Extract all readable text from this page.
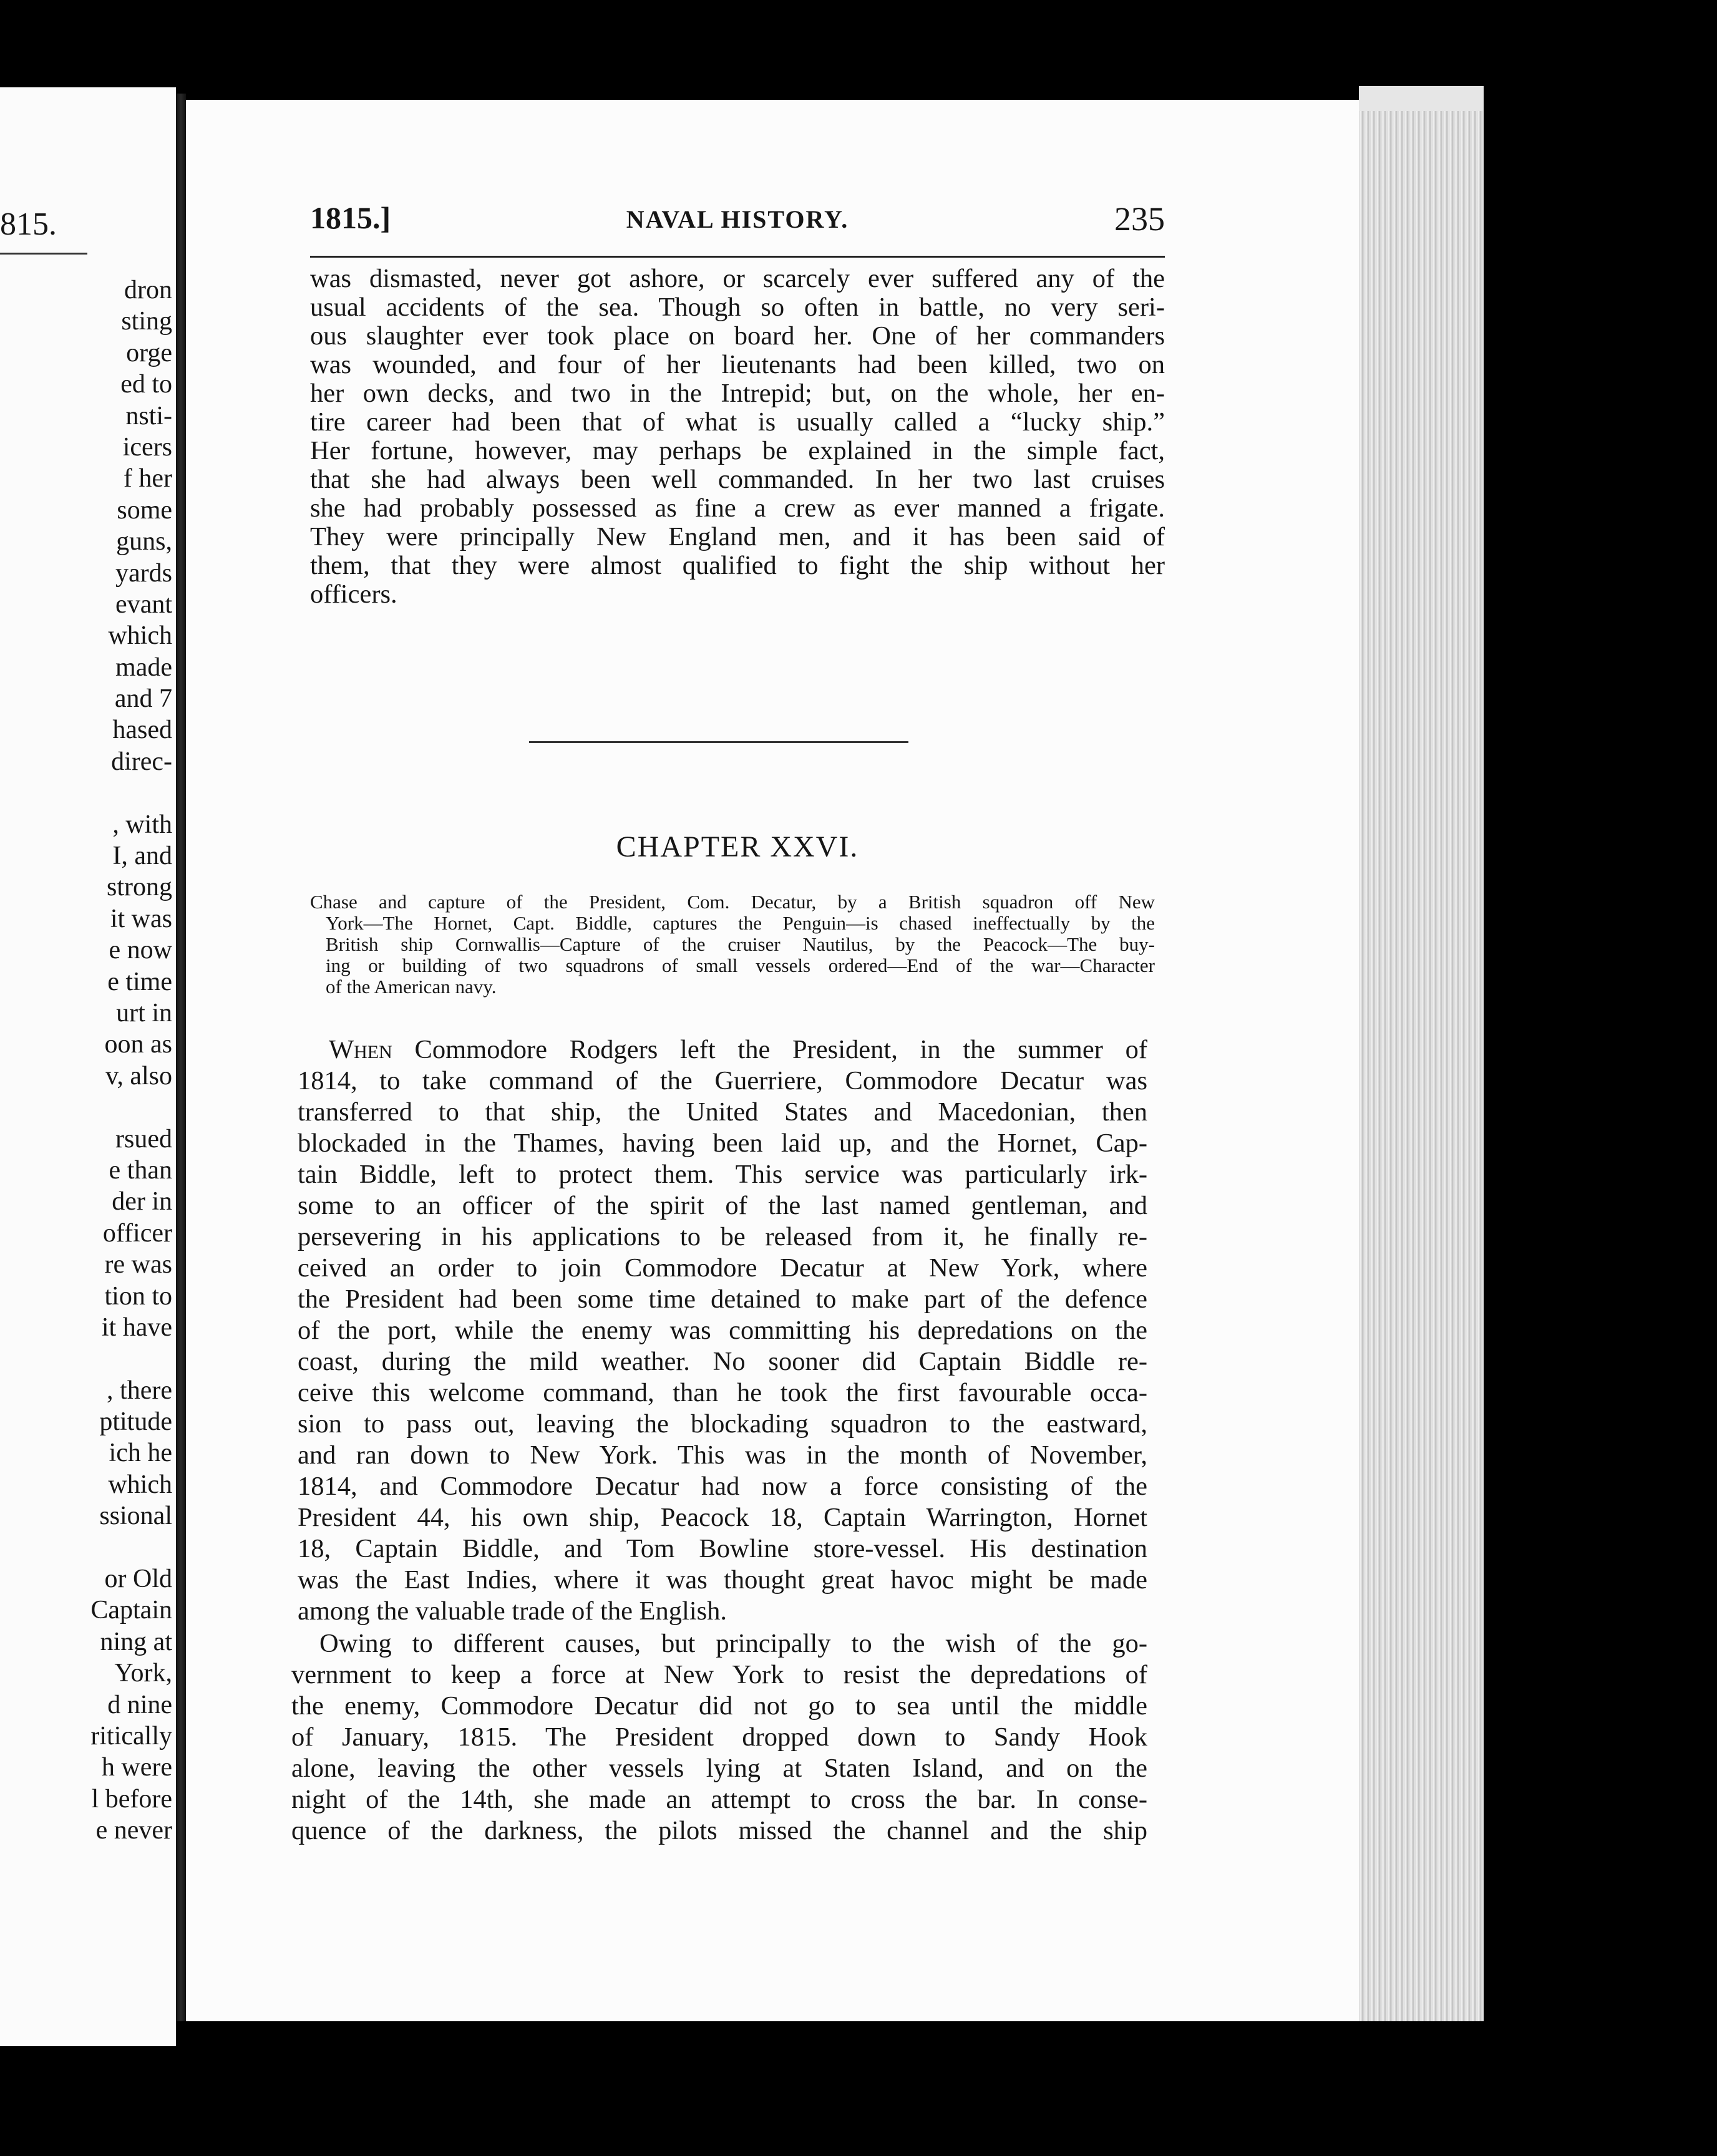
815.
dron
sting
orge
ed to
nsti-
icers
f her
some
guns,
yards
evant
which
made
and 7
hased
direc-
, with
I, and
strong
it was
e now
e time
urt in
oon as
v, also
rsued
e than
der in
officer
re was
tion to
it have
, there
ptitude
ich he
which
ssional
or Old
Captain
ning at
York,
d nine
ritically
h were
l before
e never
1815.]	NAVAL HISTORY.	235
was dismasted, never got ashore, or scarcely ever suffered any of the
usual accidents of the sea. Though so often in battle, no very seri-
ous slaughter ever took place on board her. One of her commanders
was wounded, and four of her lieutenants had been killed, two on
her own decks, and two in the Intrepid; but, on the whole, her en-
tire career had been that of what is usually called a “lucky ship.”
Her fortune, however, may perhaps be explained in the simple fact,
that she had always been well commanded. In her two last cruises
she had probably possessed as fine a crew as ever manned a frigate.
They were principally New England men, and it has been said of
them, that they were almost qualified to fight the ship without her
officers.
CHAPTER XXVI.
Chase and capture of the President, Com. Decatur, by a British squadron off New
York—The Hornet, Capt. Biddle, captures the Penguin—is chased ineffectually by the
British ship Cornwallis—Capture of the cruiser Nautilus, by the Peacock—The buy-
ing or building of two squadrons of small vessels ordered—End of the war—Character
of the American navy.
When Commodore Rodgers left the President, in the summer of
1814, to take command of the Guerriere, Commodore Decatur was
transferred to that ship, the United States and Macedonian, then
blockaded in the Thames, having been laid up, and the Hornet, Cap-
tain Biddle, left to protect them. This service was particularly irk-
some to an officer of the spirit of the last named gentleman, and
persevering in his applications to be released from it, he finally re-
ceived an order to join Commodore Decatur at New York, where
the President had been some time detained to make part of the defence
of the port, while the enemy was committing his depredations on the
coast, during the mild weather. No sooner did Captain Biddle re-
ceive this welcome command, than he took the first favourable occa-
sion to pass out, leaving the blockading squadron to the eastward,
and ran down to New York. This was in the month of November,
1814, and Commodore Decatur had now a force consisting of the
President 44, his own ship, Peacock 18, Captain Warrington, Hornet
18, Captain Biddle, and Tom Bowline store-vessel. His destination
was the East Indies, where it was thought great havoc might be made
among the valuable trade of the English.
Owing to different causes, but principally to the wish of the go-
vernment to keep a force at New York to resist the depredations of
the enemy, Commodore Decatur did not go to sea until the middle
of January, 1815. The President dropped down to Sandy Hook
alone, leaving the other vessels lying at Staten Island, and on the
night of the 14th, she made an attempt to cross the bar. In conse-
quence of the darkness, the pilots missed the channel and the ship
